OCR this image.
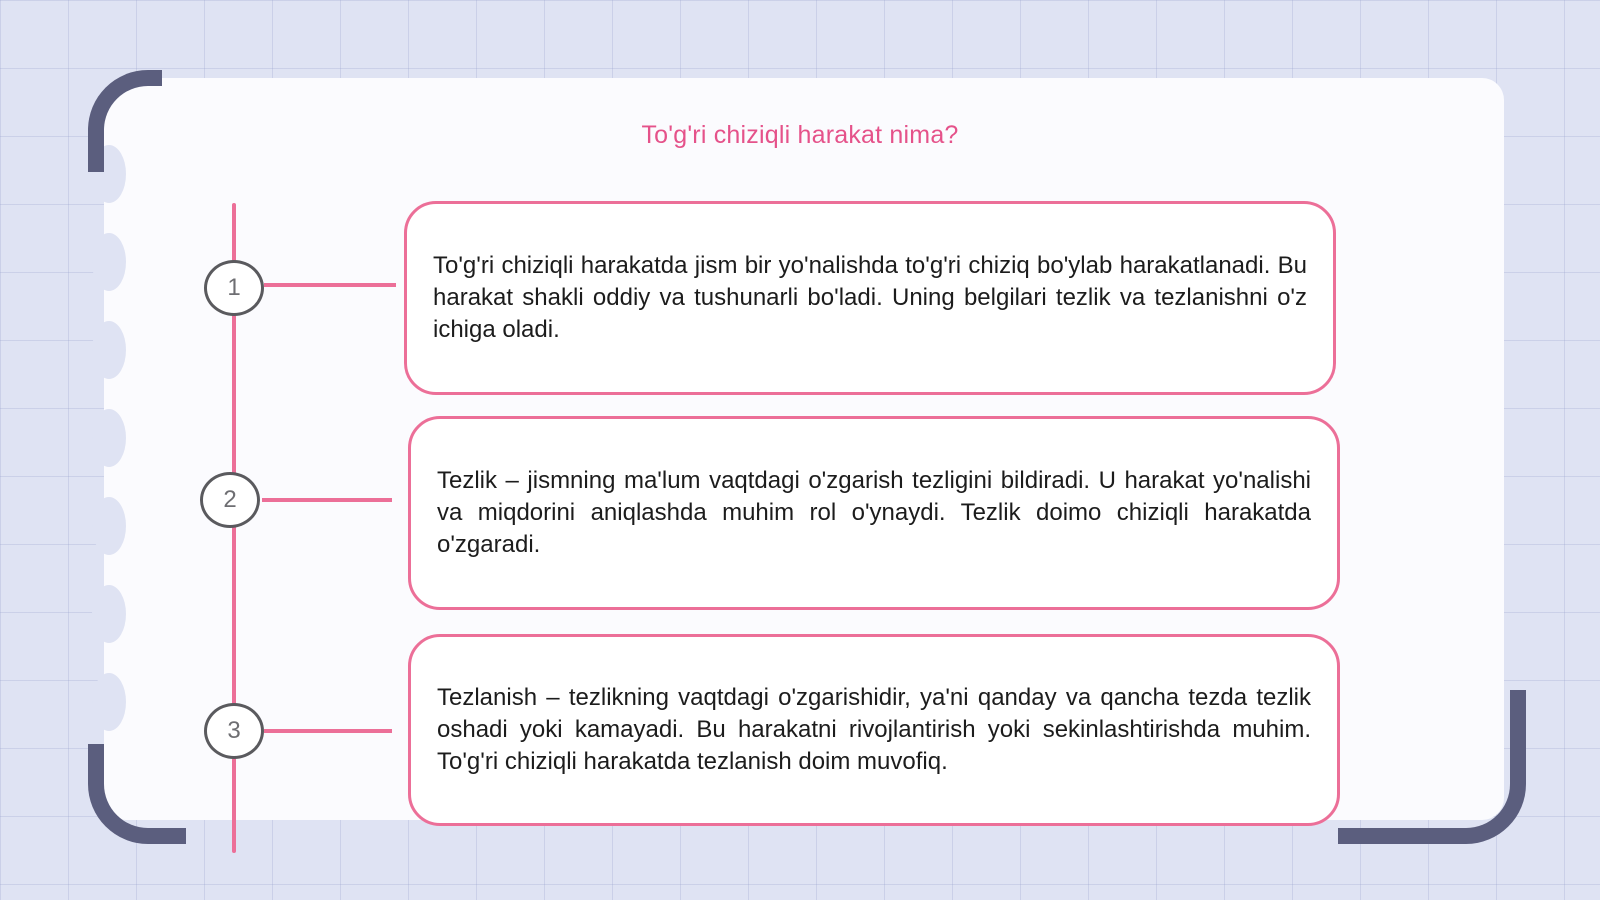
To'g'ri chiziqli harakat nima?
1
2
3

To'g'ri chiziqli harakatda jism bir yo'nalishda to'g'ri chiziq bo'ylab harakatlanadi. Bu harakat shakli oddiy va tushunarli bo'ladi. Uning belgilari tezlik va tezlanishni o'z ichiga oladi.

Tezlik – jismning ma'lum vaqtdagi o'zgarish tezligini bildiradi. U harakat yo'nalishi va miqdorini aniqlashda muhim rol o'ynaydi. Tezlik doimo chiziqli harakatda o'zgaradi.

Tezlanish – tezlikning vaqtdagi o'zgarishidir, ya'ni qanday va qancha tezda tezlik oshadi yoki kamayadi. Bu harakatni rivojlantirish yoki sekinlashtirishda muhim. To'g'ri chiziqli harakatda tezlanish doim muvofiq.
